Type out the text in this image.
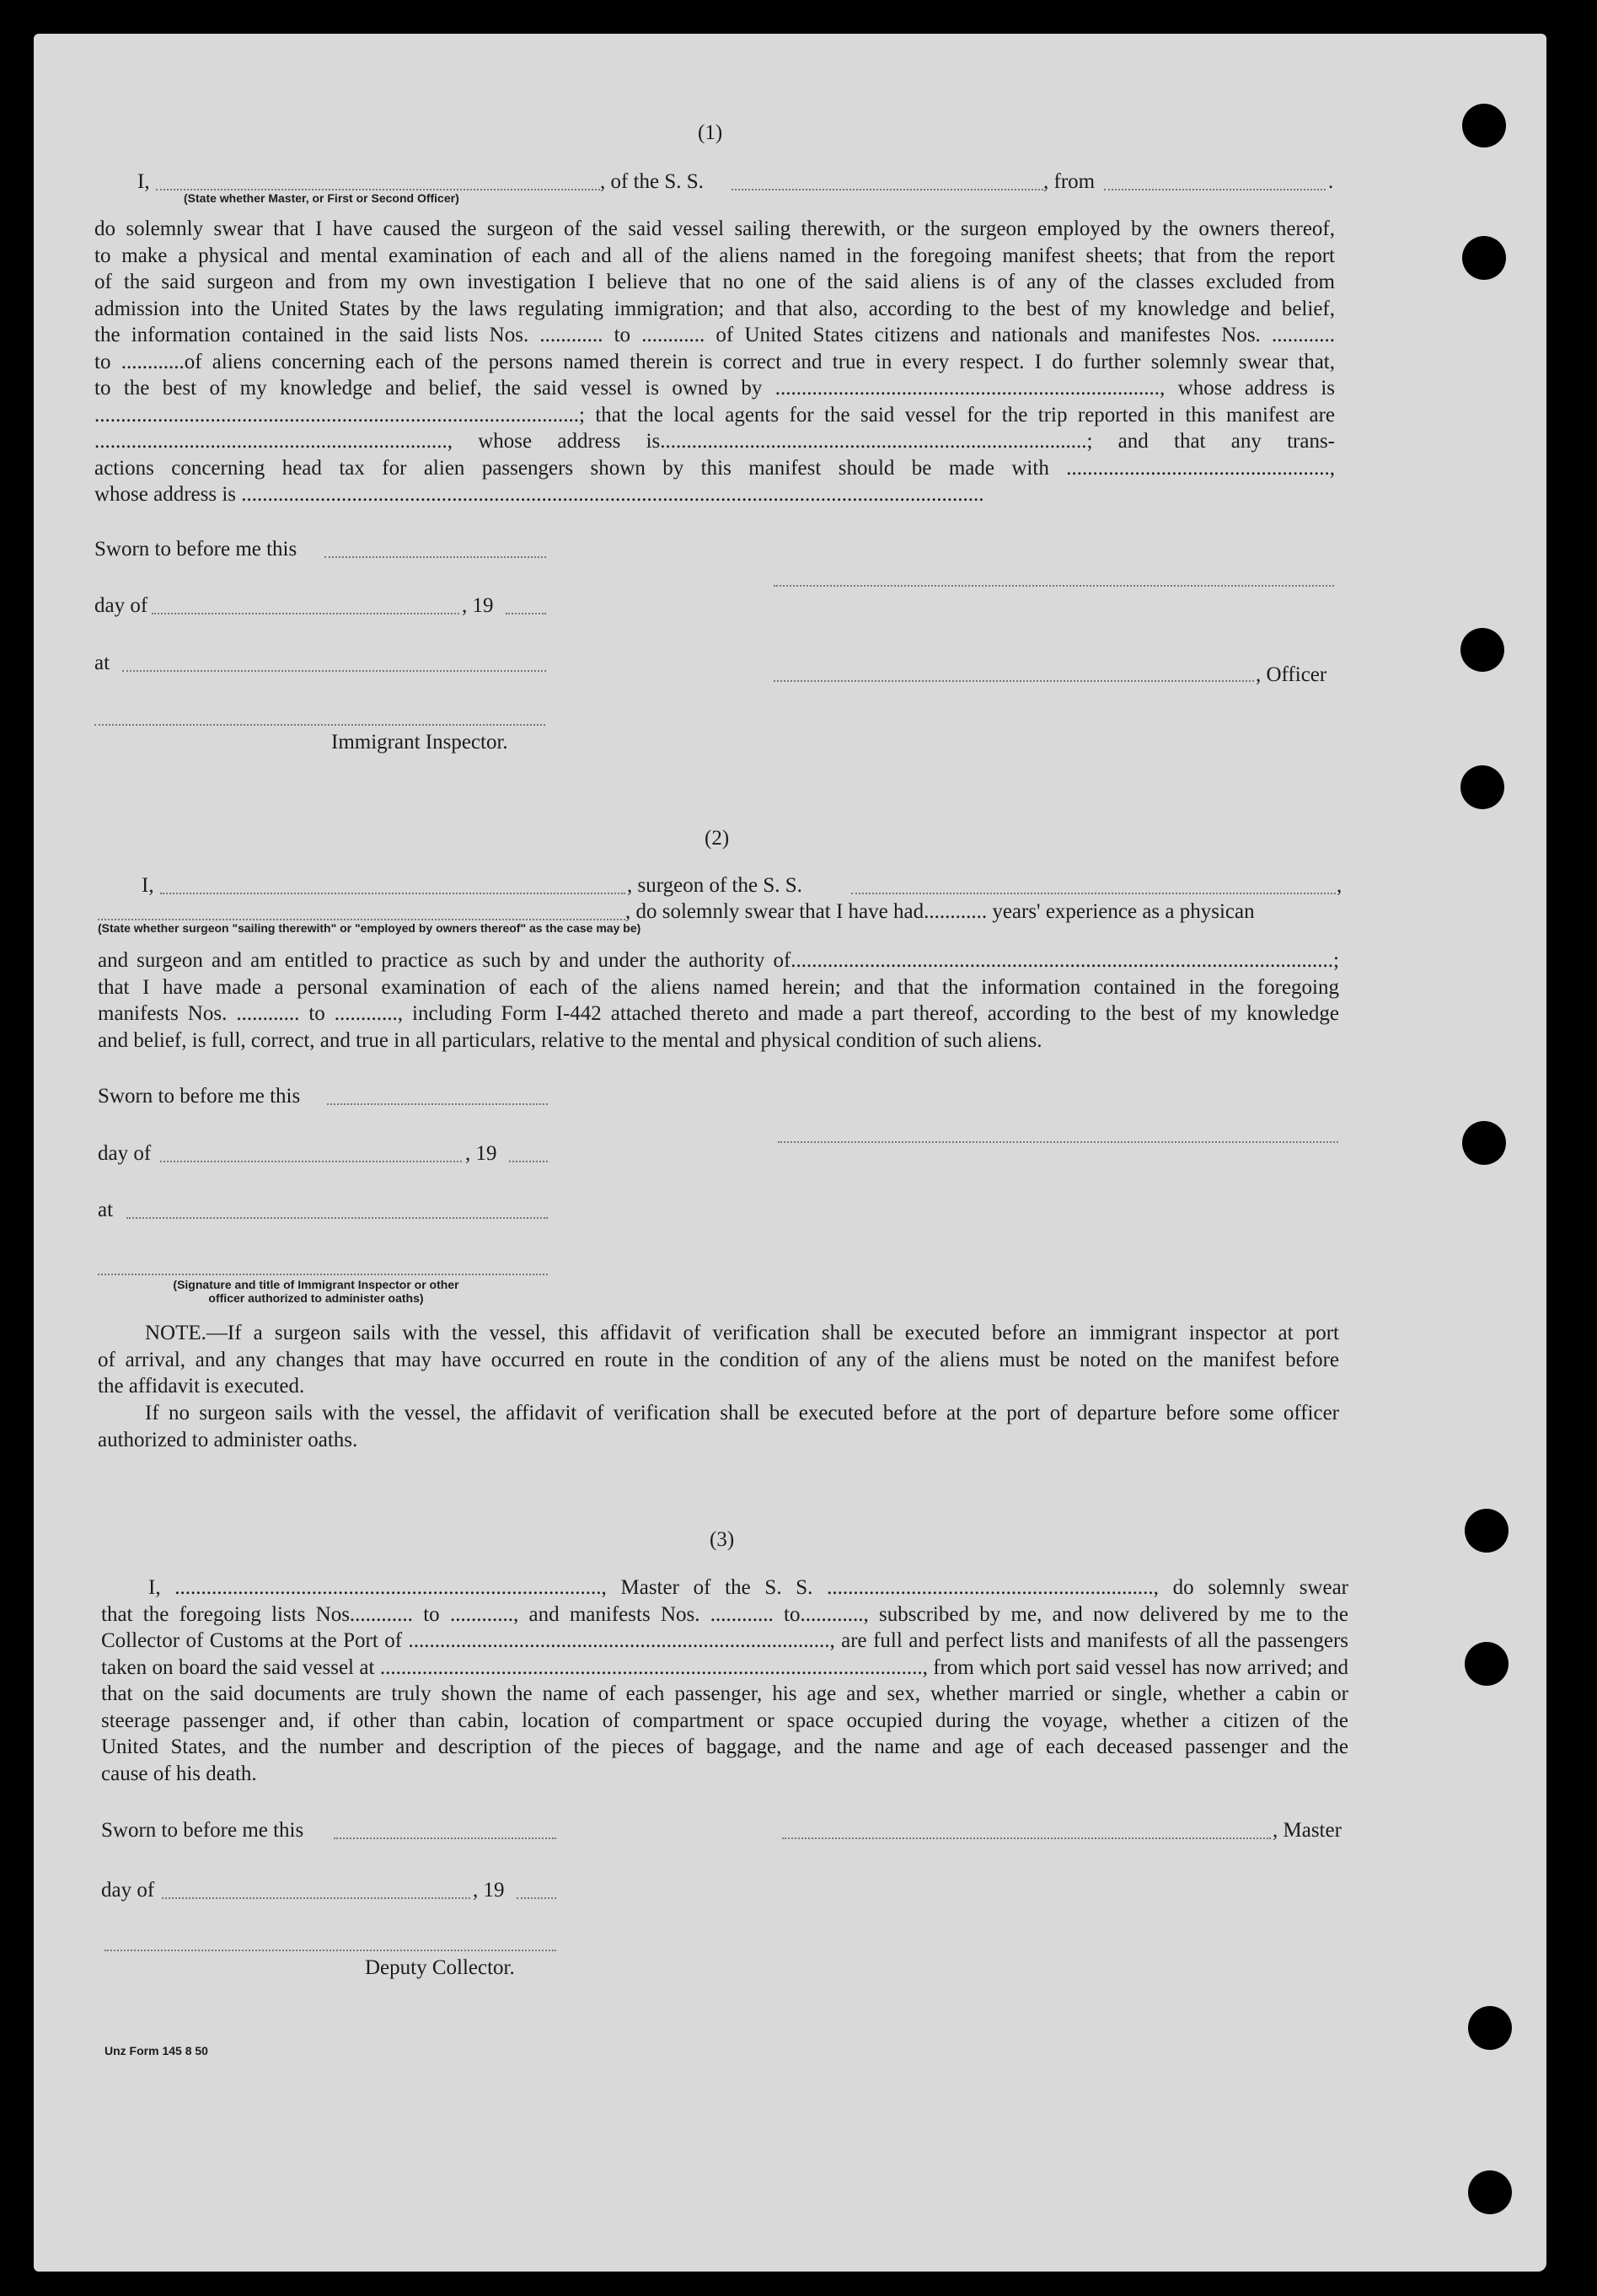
(1)
I,	, of the S. S.	, from	.
(State whether Master, or First or Second Officer)
do solemnly swear that I have caused the surgeon of the said vessel sailing therewith, or the surgeon employed by the owners thereof,
to make a physical and mental examination of each and all of the aliens named in the foregoing manifest sheets; that from the report
of the said surgeon and from my own investigation I believe that no one of the said aliens is of any of the classes excluded from
admission into the United States by the laws regulating immigration; and that also, according to the best of my knowledge and belief,
the information contained in the said lists Nos. ............ to ............ of United States citizens and nationals and manifestes Nos. ............
to ............of aliens concerning each of the persons named therein is correct and true in every respect. I do further solemnly swear that,
to the best of my knowledge and belief, the said vessel is owned by ........................................................................., whose address is
............................................................................................; that the local agents for the said vessel for the trip reported in this manifest are
..................................................................., whose address is.................................................................................; and that any trans-
actions concerning head tax for alien passengers shown by this manifest should be made with ..................................................,
whose address is .............................................................................................................................................
Sworn to before me this
day of	, 19
at
, Officer
Immigrant Inspector.
(2)
I,	, surgeon of the S. S.	,
, do solemnly swear that I have had............ years' experience as a physican
(State whether surgeon "sailing therewith" or "employed by owners thereof" as the case may be)
and surgeon and am entitled to practice as such by and under the authority of.......................................................................................................;
that I have made a personal examination of each of the aliens named herein; and that the information contained in the foregoing
manifests Nos. ............ to ............, including Form I-442 attached thereto and made a part thereof, according to the best of my knowledge
and belief, is full, correct, and true in all particulars, relative to the mental and physical condition of such aliens.
Sworn to before me this
day of	, 19
at
(Signature and title of Immigrant Inspector or other
officer authorized to administer oaths)
NOTE.—If a surgeon sails with the vessel, this affidavit of verification shall be executed before an immigrant inspector at port
of arrival, and any changes that may have occurred en route in the condition of any of the aliens must be noted on the manifest before
the affidavit is executed.
If no surgeon sails with the vessel, the affidavit of verification shall be executed before at the port of departure before some officer
authorized to administer oaths.
(3)
I, ................................................................................., Master of the S. S. .............................................................., do solemnly swear
that the foregoing lists Nos............ to ............, and manifests Nos. ............ to............, subscribed by me, and now delivered by me to the
Collector of Customs at the Port of ................................................................................, are full and perfect lists and manifests of all the passengers
taken on board the said vessel at ......................................................................................................., from which port said vessel has now arrived; and
that on the said documents are truly shown the name of each passenger, his age and sex, whether married or single, whether a cabin or
steerage passenger and, if other than cabin, location of compartment or space occupied during the voyage, whether a citizen of the
United States, and the number and description of the pieces of baggage, and the name and age of each deceased passenger and the
cause of his death.
Sworn to before me this	, Master
day of	, 19
Deputy Collector.
Unz Form 145 8 50
